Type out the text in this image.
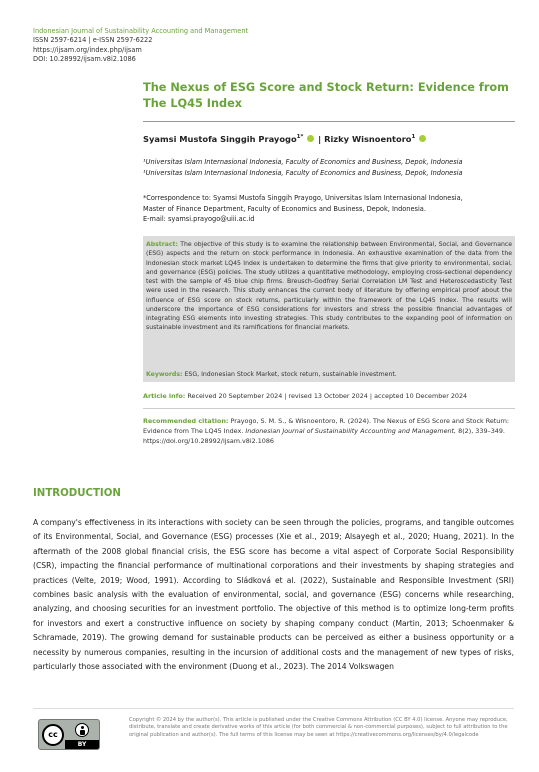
Indonesian Journal of Sustainability Accounting and Management
ISSN 2597-6214 | e-ISSN 2597-6222
https://ijsam.org/index.php/ijsam
DOI: 10.28992/ijsam.v8i2.1086
The Nexus of ESG Score and Stock Return: Evidence from The LQ45 Index
Syamsi Mustofa Singgih Prayogo$^{1*}$  | Rizky Wisnoentoro$^1$
¹Universitas Islam Internasional Indonesia, Faculty of Economics and Business, Depok, Indonesia
¹Universitas Islam Internasional Indonesia, Faculty of Economics and Business, Depok, Indonesia
*Correspondence to: Syamsi Mustofa Singgih Prayogo, Universitas Islam Internasional Indonesia,
Master of Finance Department, Faculty of Economics and Business, Depok, Indonesia.
E-mail: syamsi.prayogo@uiii.ac.id
Abstract: The objective of this study is to examine the relationship between Environmental, Social, and Governance (ESG) aspects and the return on stock performance in Indonesia. An exhaustive examination of the data from the Indonesian stock market LQ45 Index is undertaken to determine the firms that give priority to environmental, social, and governance (ESG) policies. The study utilizes a quantitative methodology, employing cross-sectional dependency test with the sample of 45 blue chip firms. Breusch-Godfrey Serial Correlation LM Test and Heteroscedasticity Test were used in the research. This study enhances the current body of literature by offering empirical proof about the influence of ESG score on stock returns, particularly within the framework of the LQ45 Index. The results will underscore the importance of ESG considerations for investors and stress the possible financial advantages of integrating ESG elements into investing strategies. This study contributes to the expanding pool of information on sustainable investment and its ramifications for financial markets.
Keywords: ESG, Indonesian Stock Market, stock return, sustainable investment.
Article info: Received 20 September 2024 | revised 13 October 2024 | accepted 10 December 2024
Recommended citation: Prayogo, S. M. S., & Wisnoentoro, R. (2024). The Nexus of ESG Score and Stock Return: Evidence from The LQ45 Index. Indonesian Journal of Sustainability Accounting and Management, 8(2), 339–349. https://doi.org/10.28992/ijsam.v8i2.1086
INTRODUCTION
A company's effectiveness in its interactions with society can be seen through the policies, programs, and tangible outcomes of its Environmental, Social, and Governance (ESG) processes (Xie et al., 2019; Alsayegh et al., 2020; Huang, 2021). In the aftermath of the 2008 global financial crisis, the ESG score has become a vital aspect of Corporate Social Responsibility (CSR), impacting the financial performance of multinational corporations and their investments by shaping strategies and practices (Velte, 2019; Wood, 1991). According to Sládková et al. (2022), Sustainable and Responsible Investment (SRI) combines basic analysis with the evaluation of environmental, social, and governance (ESG) concerns while researching, analyzing, and choosing securities for an investment portfolio. The objective of this method is to optimize long-term profits for investors and exert a constructive influence on society by shaping company conduct (Martin, 2013; Schoenmaker & Schramade, 2019). The growing demand for sustainable products can be perceived as either a business opportunity or a necessity by numerous companies, resulting in the incursion of additional costs and the management of new types of risks, particularly those associated with the environment (Duong et al., 2023). The 2014 Volkswagen
cc
BY
Copyright © 2024 by the author(s). This article is published under the Creative Commons Attribution (CC BY 4.0) license. Anyone may reproduce, distribute, translate and create derivative works of this article (for both commercial & non-commercial purposes), subject to full attribution to the original publication and author(s). The full terms of this license may be seen at https://creativecommons.org/licenses/by/4.0/legalcode
